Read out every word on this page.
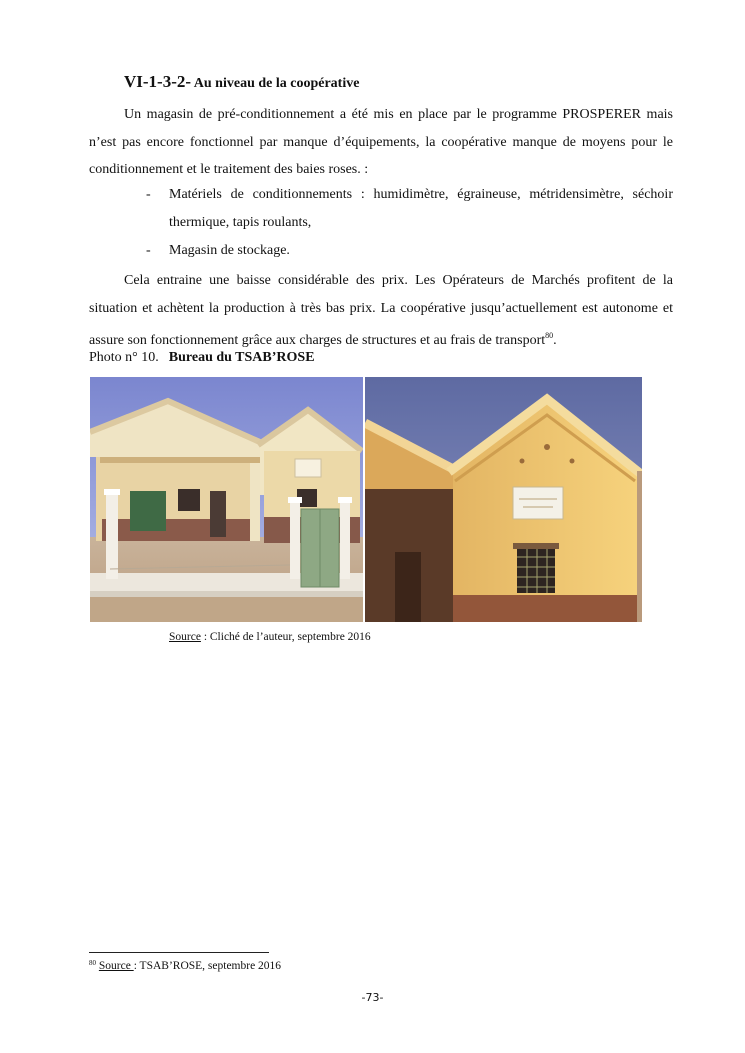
VI-1-3-2- Au niveau de la coopérative

Un magasin de pré-conditionnement a été mis en place par le programme PROSPERER mais n’est pas encore fonctionnel par manque d’équipements, la coopérative manque de moyens pour le conditionnement et le traitement des baies roses. :

- Matériels de conditionnements : humidimètre, égraineuse, métridensimètre, séchoir thermique, tapis roulants,
- Magasin de stockage.

Cela entraine une baisse considérable des prix. Les Opérateurs de Marchés profitent de la situation et achètent la production à très bas prix. La coopérative jusqu’actuellement est autonome et assure son fonctionnement grâce aux charges de structures et au frais de transport$^{80}$.

Photo n° 10. Bureau du TSAB’ROSE
Source : Cliché de l’auteur, septembre 2016
$^{80}$ Source : TSAB’ROSE, septembre 2016
-73-
